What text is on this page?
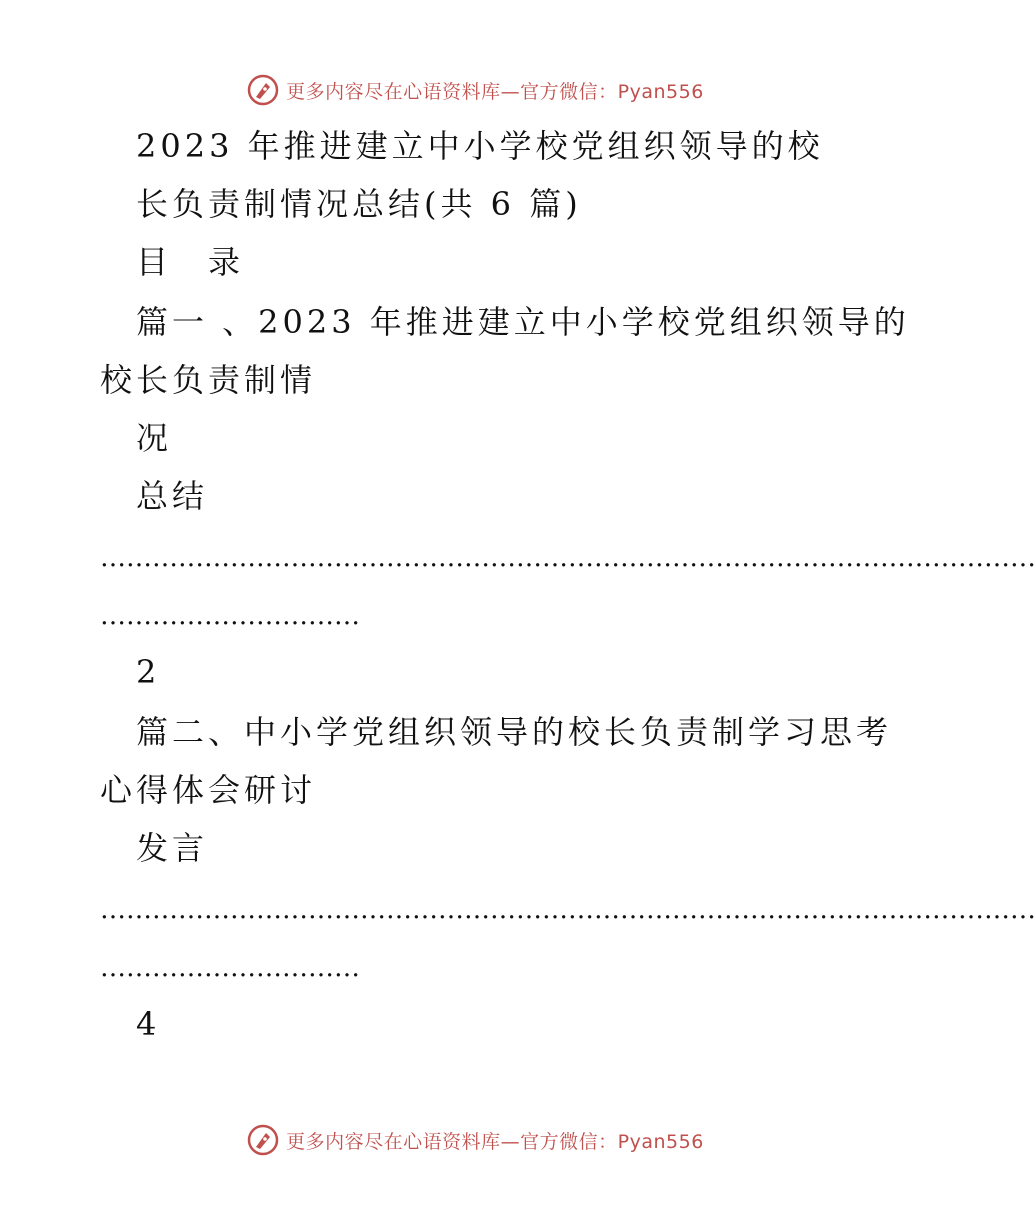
更多内容尽在心语资料库—官方微信：Pyan556
2023 年推进建立中小学校党组织领导的校
长负责制情况总结(共 6 篇)
目　录
篇一 、2023 年推进建立中小学校党组织领导的
校长负责制情
况
总结
………………………………………………………………………………………………
…………………………
2
篇二、中小学党组织领导的校长负责制学习思考
心得体会研讨
发言
………………………………………………………………………………………………
…………………………
4
更多内容尽在心语资料库—官方微信：Pyan556
